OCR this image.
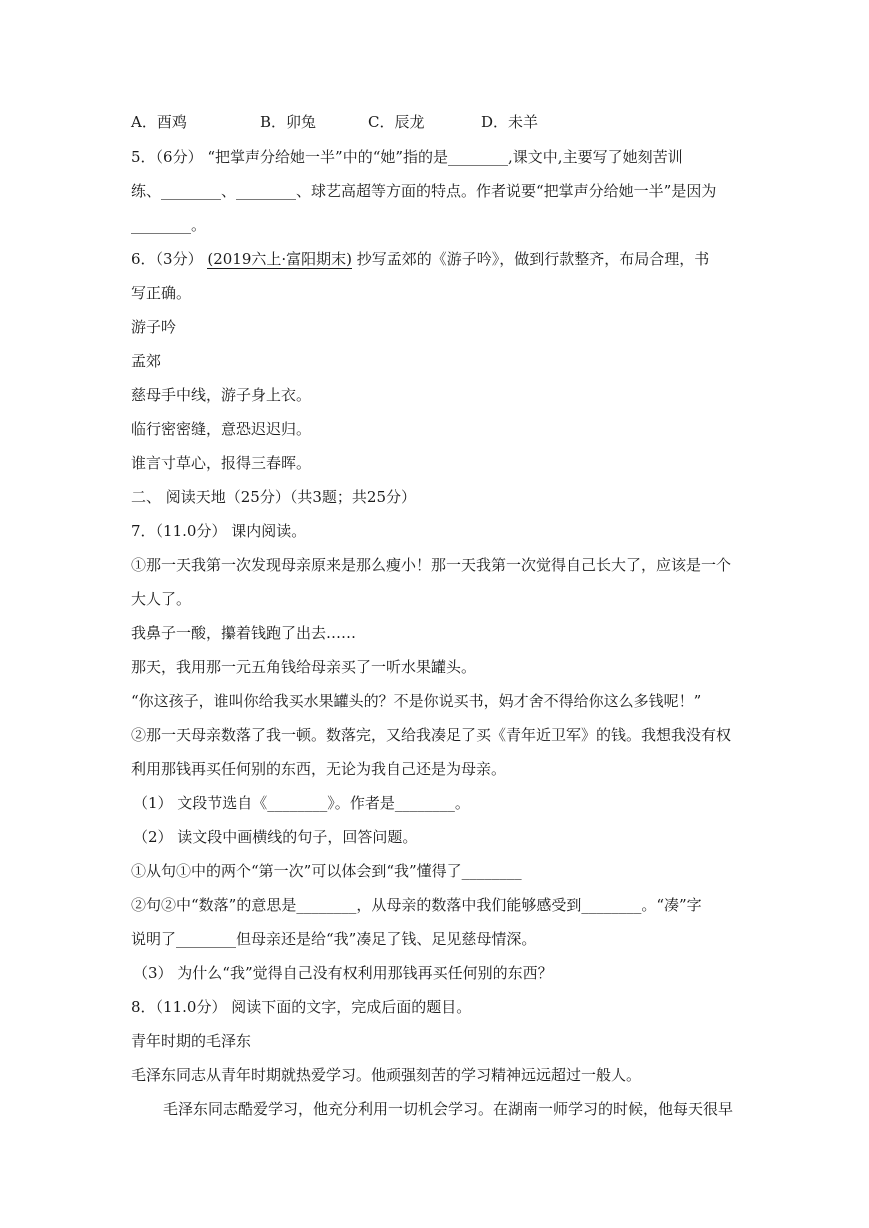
A．酉鸡	B．卯兔	C．辰龙	D．未羊
5．（6分） “把掌声分给她一半”中的“她”指的是________,课文中,主要写了她刻苦训
练、________、________、球艺高超等方面的特点。作者说要“把掌声分给她一半”是因为
________。
6．（3分） (2019六上·富阳期末) 抄写孟郊的《游子吟》，做到行款整齐，布局合理，书
写正确。
游子吟
孟郊
慈母手中线，游子身上衣。
临行密密缝，意恐迟迟归。
谁言寸草心，报得三春晖。
二、 阅读天地（25分）（共3题；共25分）
7．（11.0分） 课内阅读。
①那一天我第一次发现母亲原来是那么瘦小！那一天我第一次觉得自己长大了，应该是一个
大人了。
我鼻子一酸，攥着钱跑了出去……
那天，我用那一元五角钱给母亲买了一听水果罐头。
“你这孩子，谁叫你给我买水果罐头的？不是你说买书，妈才舍不得给你这么多钱呢！”
②那一天母亲数落了我一顿。数落完，又给我凑足了买《青年近卫军》的钱。我想我没有权
利用那钱再买任何别的东西，无论为我自己还是为母亲。
（1） 文段节选自《________》。作者是________。
（2） 读文段中画横线的句子，回答问题。
①从句①中的两个“第一次”可以体会到“我”懂得了________
②句②中“数落”的意思是________，从母亲的数落中我们能够感受到________。“凑”字
说明了________但母亲还是给“我”凑足了钱、足见慈母情深。
（3） 为什么“我”觉得自己没有权利用那钱再买任何别的东西？
8．（11.0分） 阅读下面的文字，完成后面的题目。
青年时期的毛泽东
毛泽东同志从青年时期就热爱学习。他顽强刻苦的学习精神远远超过一般人。
毛泽东同志酷爱学习，他充分利用一切机会学习。在湖南一师学习的时候，他每天很早
